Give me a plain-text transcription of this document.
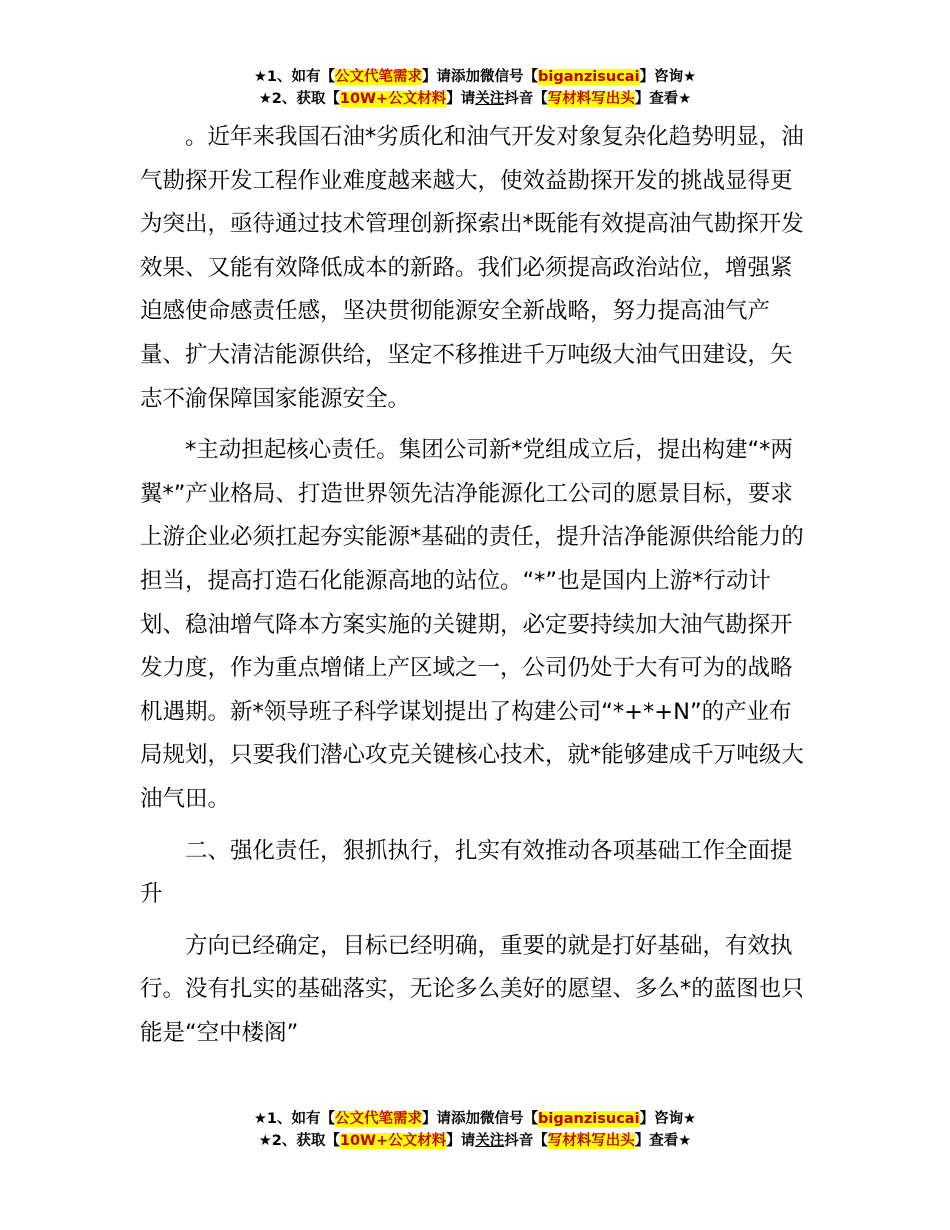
★1、如有【公文代笔需求】请添加微信号【biganzisucai】咨询★
★2、获取【10W+公文材料】请关注抖音【写材料写出头】查看★

。近年来我国石油*劣质化和油气开发对象复杂化趋势明显，油气勘探开发工程作业难度越来越大，使效益勘探开发的挑战显得更为突出，亟待通过技术管理创新探索出*既能有效提高油气勘探开发效果、又能有效降低成本的新路。我们必须提高政治站位，增强紧迫感使命感责任感，坚决贯彻能源安全新战略，努力提高油气产量、扩大清洁能源供给，坚定不移推进千万吨级大油气田建设，矢志不渝保障国家能源安全。

*主动担起核心责任。集团公司新*党组成立后，提出构建“*两翼*”产业格局、打造世界领先洁净能源化工公司的愿景目标，要求上游企业必须扛起夯实能源*基础的责任，提升洁净能源供给能力的担当，提高打造石化能源高地的站位。“*”也是国内上游*行动计划、稳油增气降本方案实施的关键期，必定要持续加大油气勘探开发力度，作为重点增储上产区域之一，公司仍处于大有可为的战略机遇期。新*领导班子科学谋划提出了构建公司“*+*+N”的产业布局规划，只要我们潜心攻克关键核心技术，就*能够建成千万吨级大油气田。

二、强化责任，狠抓执行，扎实有效推动各项基础工作全面提升

方向已经确定，目标已经明确，重要的就是打好基础，有效执行。没有扎实的基础落实，无论多么美好的愿望、多么*的蓝图也只能是“空中楼阁”

★1、如有【公文代笔需求】请添加微信号【biganzisucai】咨询★
★2、获取【10W+公文材料】请关注抖音【写材料写出头】查看★
